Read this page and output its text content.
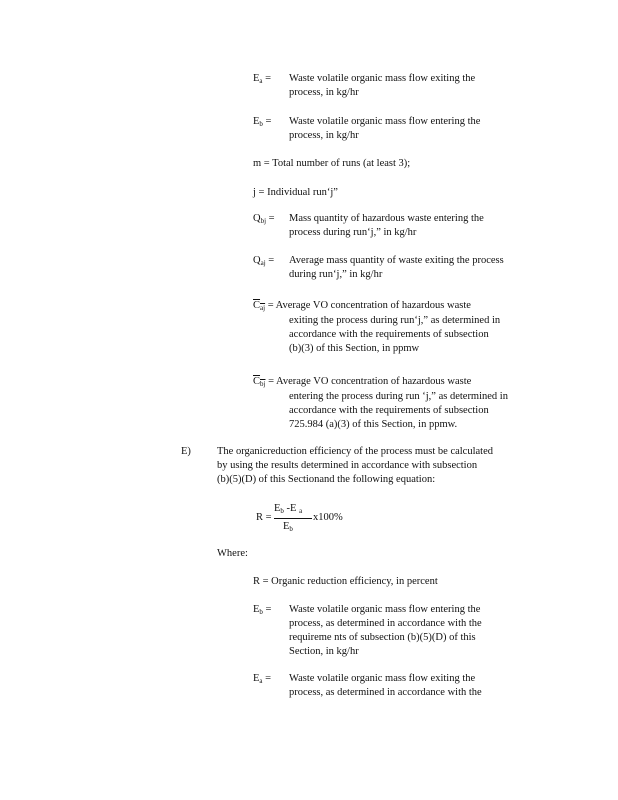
$E_a$ = Waste volatile organic mass flow exiting the
process, in kg/hr
$E_b$ = Waste volatile organic mass flow entering the
process, in kg/hr
m = Total number of runs (at least 3);
j = Individual run‘j”
$Q_{bj}$ = Mass quantity of hazardous waste entering the
process during run‘j,” in kg/hr
$Q_{aj}$ = Average mass quantity of waste exiting the process
during run‘j,” in kg/hr
$C_{aj}$ = Average VO concentration of hazardous waste
exiting the process during run‘j,” as determined in
accordance with the requirements of subsection
(b)(3) of this Section, in ppmw
$C_{bj}$ = Average VO concentration of hazardous waste
entering the process during run ‘j,” as determined in
accordance with the requirements of subsection
725.984 (a)(3) of this Section, in ppmw.
E) The organicreduction efficiency of the process must be calculated
by using the results determined in accordance with subsection
(b)(5)(D) of this Sectionand the following equation:
R =
$E_b$ -E $_a$
$E_b$
x100%
Where:
R = Organic reduction efficiency, in percent
$E_b$ = Waste volatile organic mass flow entering the
process, as determined in accordance with the
requireme nts of subsection (b)(5)(D) of this
Section, in kg/hr
$E_a$ = Waste volatile organic mass flow exiting the
process, as determined in accordance with the
